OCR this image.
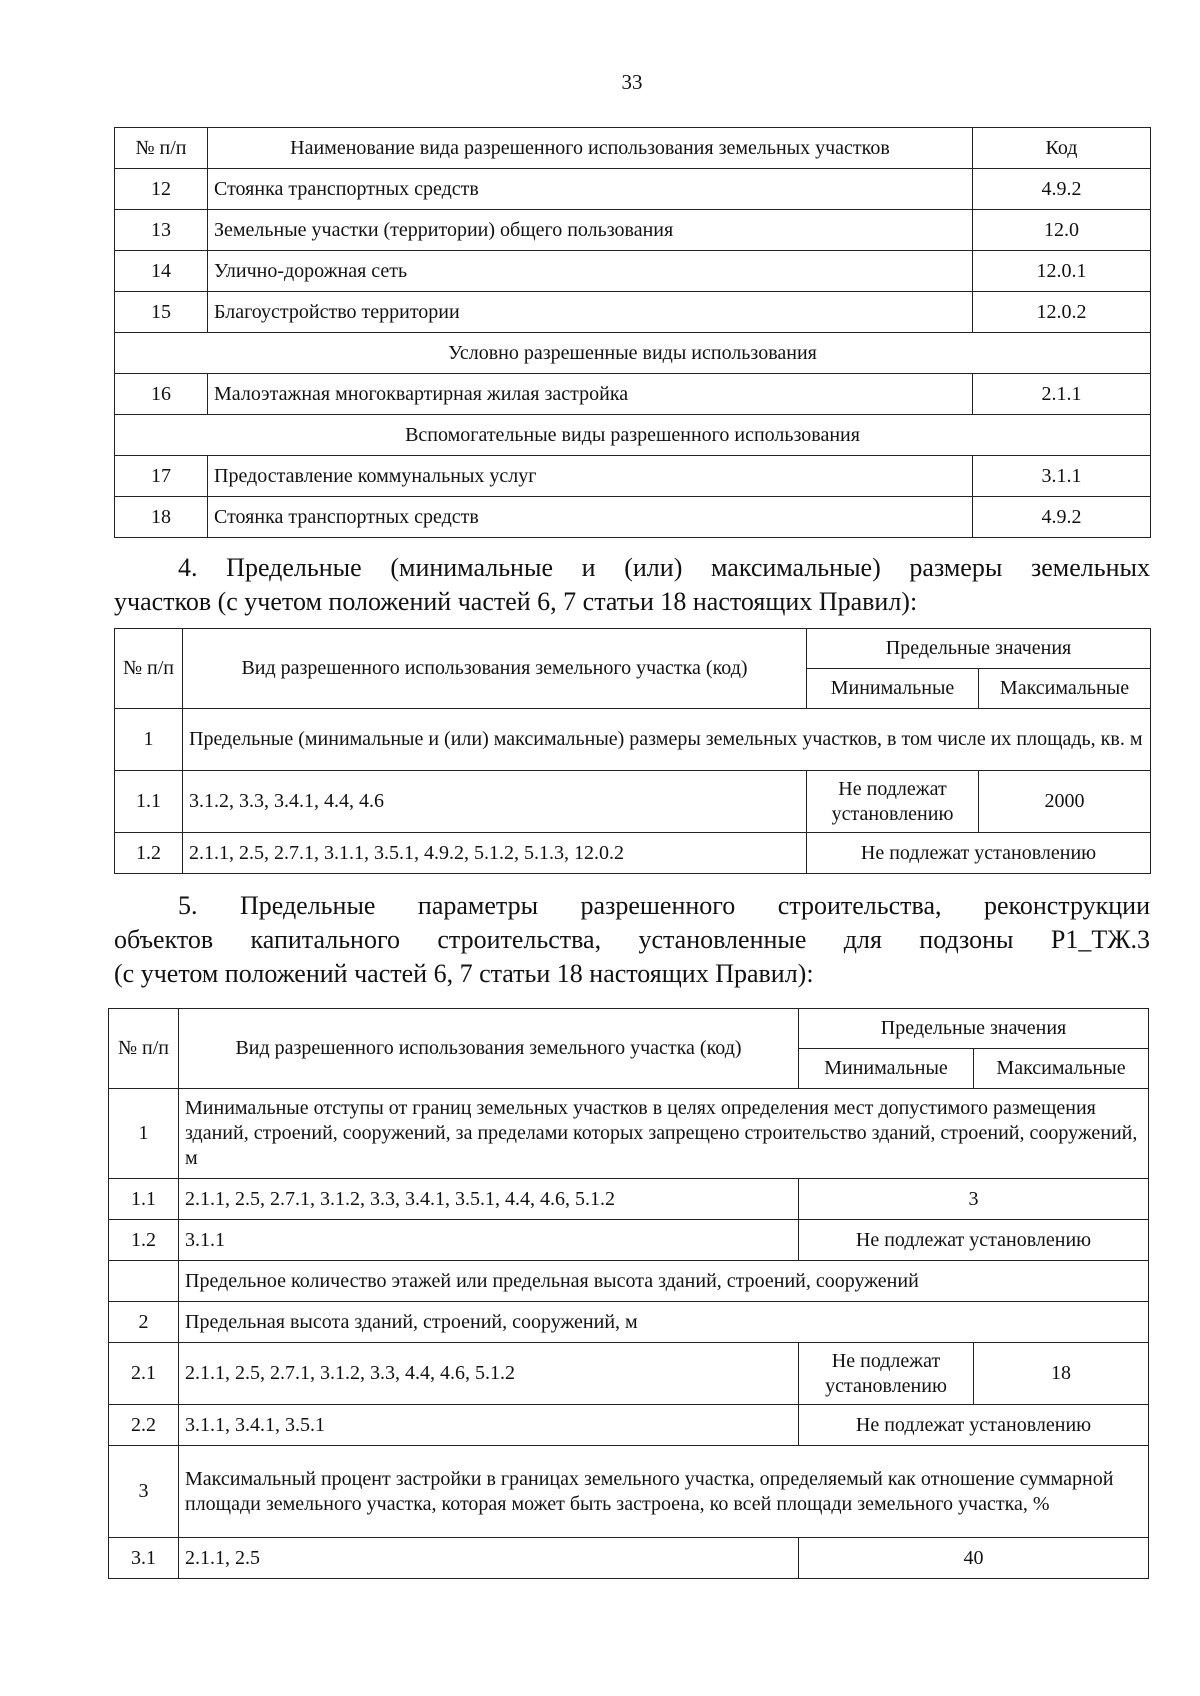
33
№ п/п	Наименование вида разрешенного использования земельных участков	Код
12	Стоянка транспортных средств	4.9.2
13	Земельные участки (территории) общего пользования	12.0
14	Улично-дорожная сеть	12.0.1
15	Благоустройство территории	12.0.2
Условно разрешенные виды использования		
16	Малоэтажная многоквартирная жилая застройка	2.1.1
Вспомогательные виды разрешенного использования		
17	Предоставление коммунальных услуг	3.1.1
18	Стоянка транспортных средств	4.9.2
4. Предельные (минимальные и (или) максимальные) размеры земельных
участков (с учетом положений частей 6, 7 статьи 18 настоящих Правил):
№ п/п	Вид разрешенного использования земельного участка (код)	Предельные значения	
		Минимальные	Максимальные
1	Предельные (минимальные и (или) максимальные) размеры земельных участков, в том числе их площадь, кв. м		
1.1	3.1.2, 3.3, 3.4.1, 4.4, 4.6	Не подлежат установлению	2000
1.2	2.1.1, 2.5, 2.7.1, 3.1.1, 3.5.1, 4.9.2, 5.1.2, 5.1.3, 12.0.2	Не подлежат установлению	
5. Предельные параметры разрешенного строительства, реконструкции
объектов капитального строительства, установленные для подзоны Р1_ТЖ.3
(с учетом положений частей 6, 7 статьи 18 настоящих Правил):
№ п/п	Вид разрешенного использования земельного участка (код)	Предельные значения	
		Минимальные	Максимальные
1	Минимальные отступы от границ земельных участков в целях определения мест допустимого размещения зданий, строений, сооружений, за пределами которых запрещено строительство зданий, строений, сооружений, м		
1.1	2.1.1, 2.5, 2.7.1, 3.1.2, 3.3, 3.4.1, 3.5.1, 4.4, 4.6, 5.1.2	3	
1.2	3.1.1	Не подлежат установлению	
	Предельное количество этажей или предельная высота зданий, строений, сооружений		
2	Предельная высота зданий, строений, сооружений, м		
2.1	2.1.1, 2.5, 2.7.1, 3.1.2, 3.3, 4.4, 4.6, 5.1.2	Не подлежат установлению	18
2.2	3.1.1, 3.4.1, 3.5.1	Не подлежат установлению	
3	Максимальный процент застройки в границах земельного участка, определяемый как отношение суммарной площади земельного участка, которая может быть застроена, ко всей площади земельного участка, %		
3.1	2.1.1, 2.5	40	
